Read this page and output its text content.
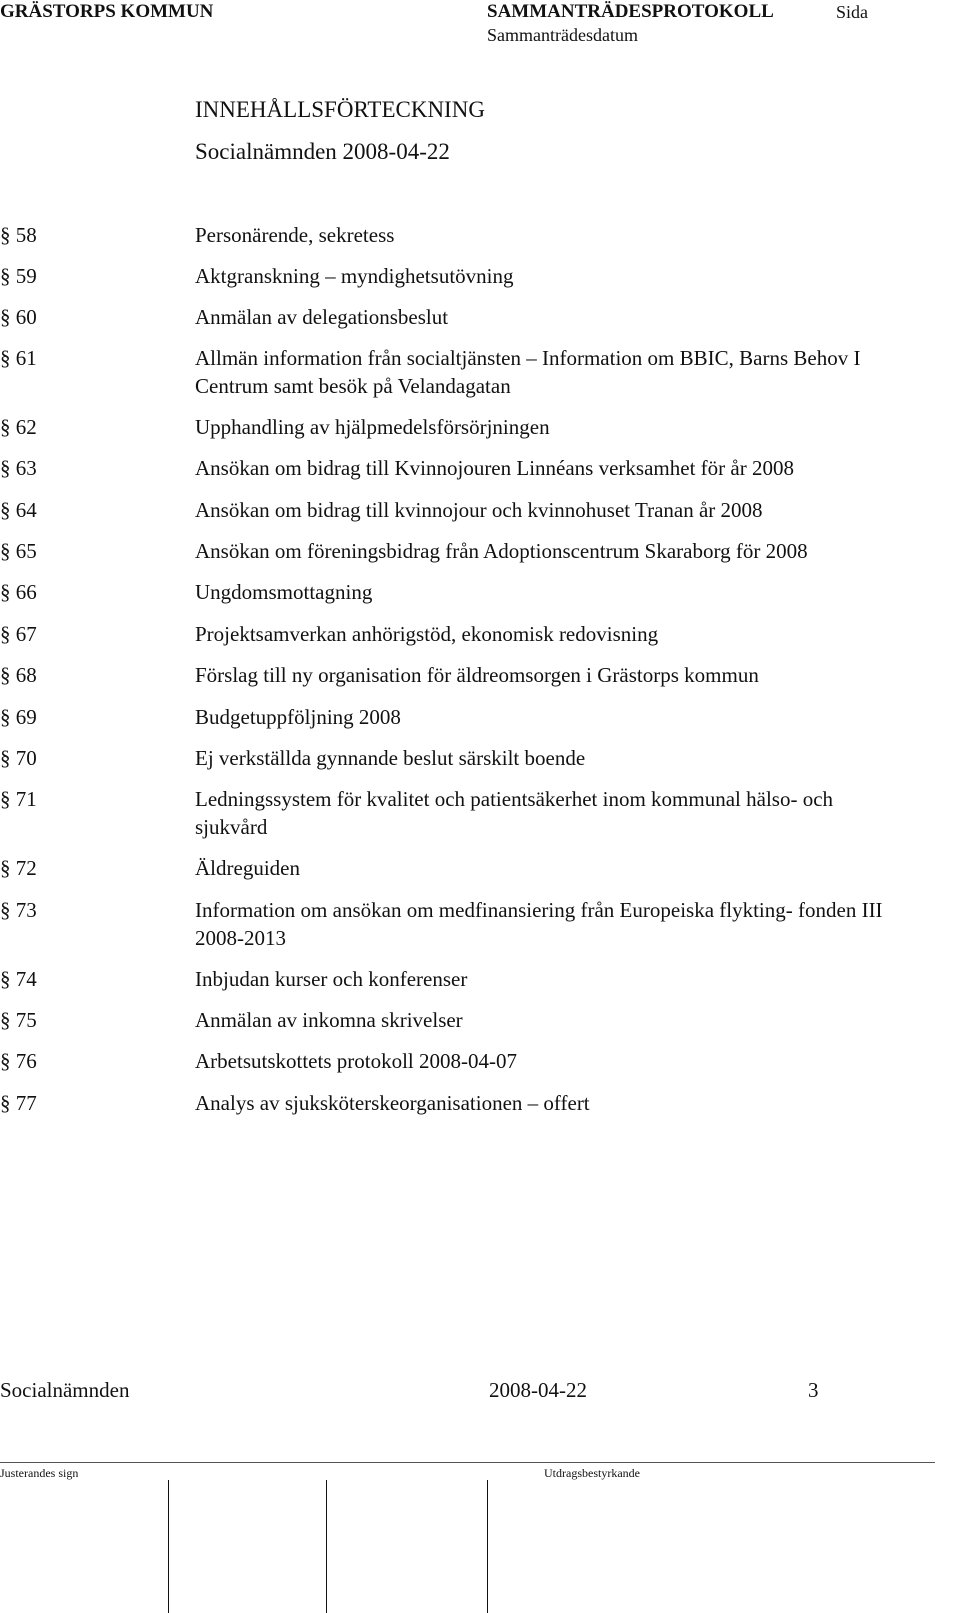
GRÄSTORPS KOMMUN	SAMMANTRÄDESPROTOKOLL	Sida
Sammanträdesdatum
INNEHÅLLSFÖRTECKNING
Socialnämnden 2008-04-22
§ 58	Personärende, sekretess
§ 59	Aktgranskning – myndighetsutövning
§ 60	Anmälan av delegationsbeslut
§ 61	Allmän information från socialtjänsten – Information om BBIC, Barns Behov I Centrum samt besök på Velandagatan
§ 62	Upphandling av hjälpmedelsförsörjningen
§ 63	Ansökan om bidrag till Kvinnojouren Linnéans verksamhet för år 2008
§ 64	Ansökan om bidrag till kvinnojour och kvinnohuset Tranan år 2008
§ 65	Ansökan om föreningsbidrag från Adoptionscentrum Skaraborg för 2008
§ 66	Ungdomsmottagning
§ 67	Projektsamverkan anhörigstöd, ekonomisk redovisning
§ 68	Förslag till ny organisation för äldreomsorgen i Grästorps kommun
§ 69	Budgetuppföljning 2008
§ 70	Ej verkställda gynnande beslut särskilt boende
§ 71	Ledningssystem för kvalitet och patientsäkerhet inom kommunal hälso- och sjukvård
§ 72	Äldreguiden
§ 73	Information om ansökan om medfinansiering från Europeiska flykting- fonden III 2008-2013
§ 74	Inbjudan kurser och konferenser
§ 75	Anmälan av inkomna skrivelser
§ 76	Arbetsutskottets protokoll 2008-04-07
§ 77	Analys av sjuksköterskeorganisationen – offert
Socialnämnden	2008-04-22	3
Justerandes sign	Utdragsbestyrkande
